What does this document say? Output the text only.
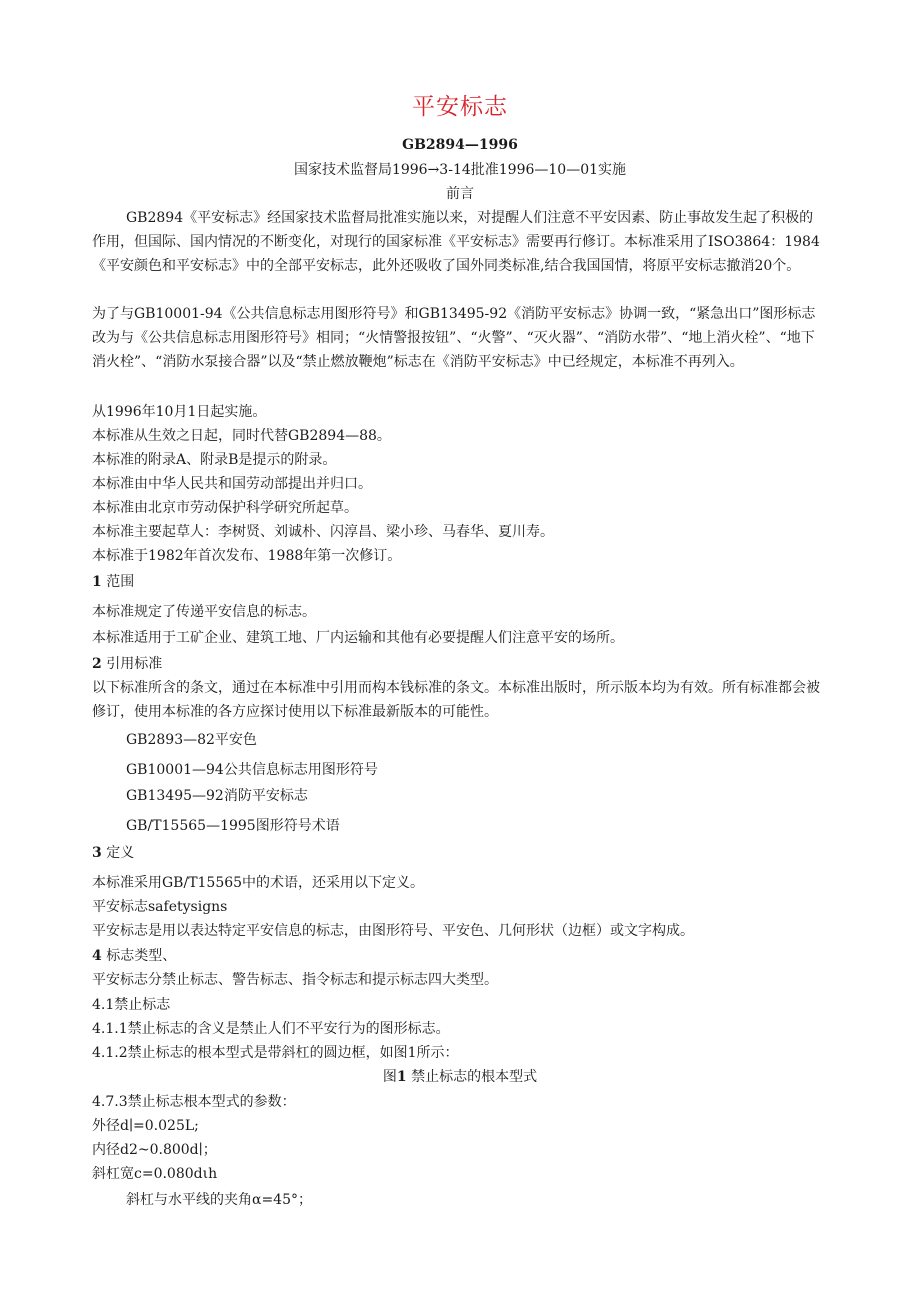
平安标志
GB2894—1996
国家技术监督局1996→3-14批准1996—10—01实施
前言
GB2894《平安标志》经国家技术监督局批准实施以来，对提醒人们注意不平安因素、防止事故发生起了积极的作用，但国际、国内情况的不断变化，对现行的国家标准《平安标志》需要再行修订。本标准采用了ISO3864：1984《平安颜色和平安标志》中的全部平安标志，此外还吸收了国外同类标准,结合我国国情，将原平安标志撤消20个。
为了与GB10001-94《公共信息标志用图形符号》和GB13495-92《消防平安标志》协调一致，“紧急出口”图形标志改为与《公共信息标志用图形符号》相同；“火情警报按钮”、“火警”、“灭火器”、“消防水带”、“地上消火栓”、“地下消火栓”、“消防水泵接合器”以及“禁止燃放鞭炮”标志在《消防平安标志》中已经规定，本标准不再列入。
从1996年10月1日起实施。
本标准从生效之日起，同时代替GB2894—88。
本标准的附录A、附录B是提示的附录。
本标准由中华人民共和国劳动部提出并归口。
本标准由北京市劳动保护科学研究所起草。
本标准主要起草人：李树贤、刘诚朴、闪淳昌、梁小珍、马春华、夏川寿。
本标准于1982年首次发布、1988年第一次修订。
1 范围
本标准规定了传递平安信息的标志。
本标准适用于工矿企业、建筑工地、厂内运输和其他有必要提醒人们注意平安的场所。
2 引用标准
以下标准所含的条文，通过在本标准中引用而构本钱标准的条文。本标准出版时，所示版本均为有效。所有标准都会被修订，使用本标准的各方应探讨使用以下标准最新版本的可能性。
GB2893—82平安色
GB10001—94公共信息标志用图形符号
GB13495—92消防平安标志
GB/T15565—1995图形符号术语
3 定义
本标准采用GB/T15565中的术语，还采用以下定义。
平安标志safetysigns
平安标志是用以表达特定平安信息的标志，由图形符号、平安色、几何形状（边框）或文字构成。
4 标志类型、
平安标志分禁止标志、警告标志、指令标志和提示标志四大类型。
4.1禁止标志
4.1.1禁止标志的含义是禁止人们不平安行为的图形标志。
4.1.2禁止标志的根本型式是带斜杠的圆边框，如图1所示：
图1 禁止标志的根本型式
4.7.3禁止标志根本型式的参数：
外径d∣=0.025L;
内径d2~0.800d∣；
斜杠宽c=0.080dιh
斜杠与水平线的夹角α=45°；
